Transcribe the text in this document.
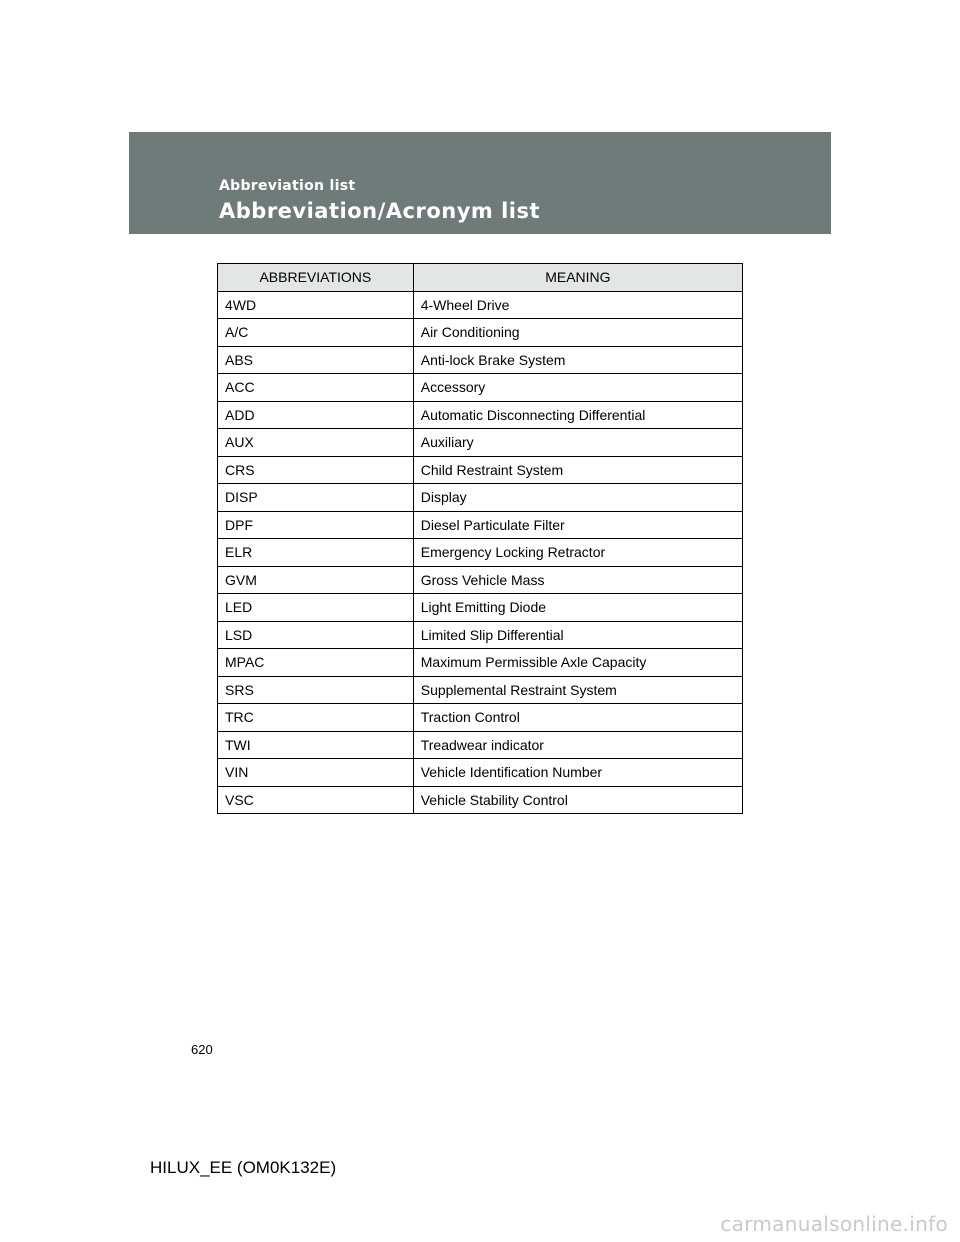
Abbreviation list
Abbreviation/Acronym list
ABBREVIATIONS	MEANING
4WD	4-Wheel Drive
A/C	Air Conditioning
ABS	Anti-lock Brake System
ACC	Accessory
ADD	Automatic Disconnecting Differential
AUX	Auxiliary
CRS	Child Restraint System
DISP	Display
DPF	Diesel Particulate Filter
ELR	Emergency Locking Retractor
GVM	Gross Vehicle Mass
LED	Light Emitting Diode
LSD	Limited Slip Differential
MPAC	Maximum Permissible Axle Capacity
SRS	Supplemental Restraint System
TRC	Traction Control
TWI	Treadwear indicator
VIN	Vehicle Identification Number
VSC	Vehicle Stability Control
620
HILUX_EE (OM0K132E)
carmanualsonline.info
